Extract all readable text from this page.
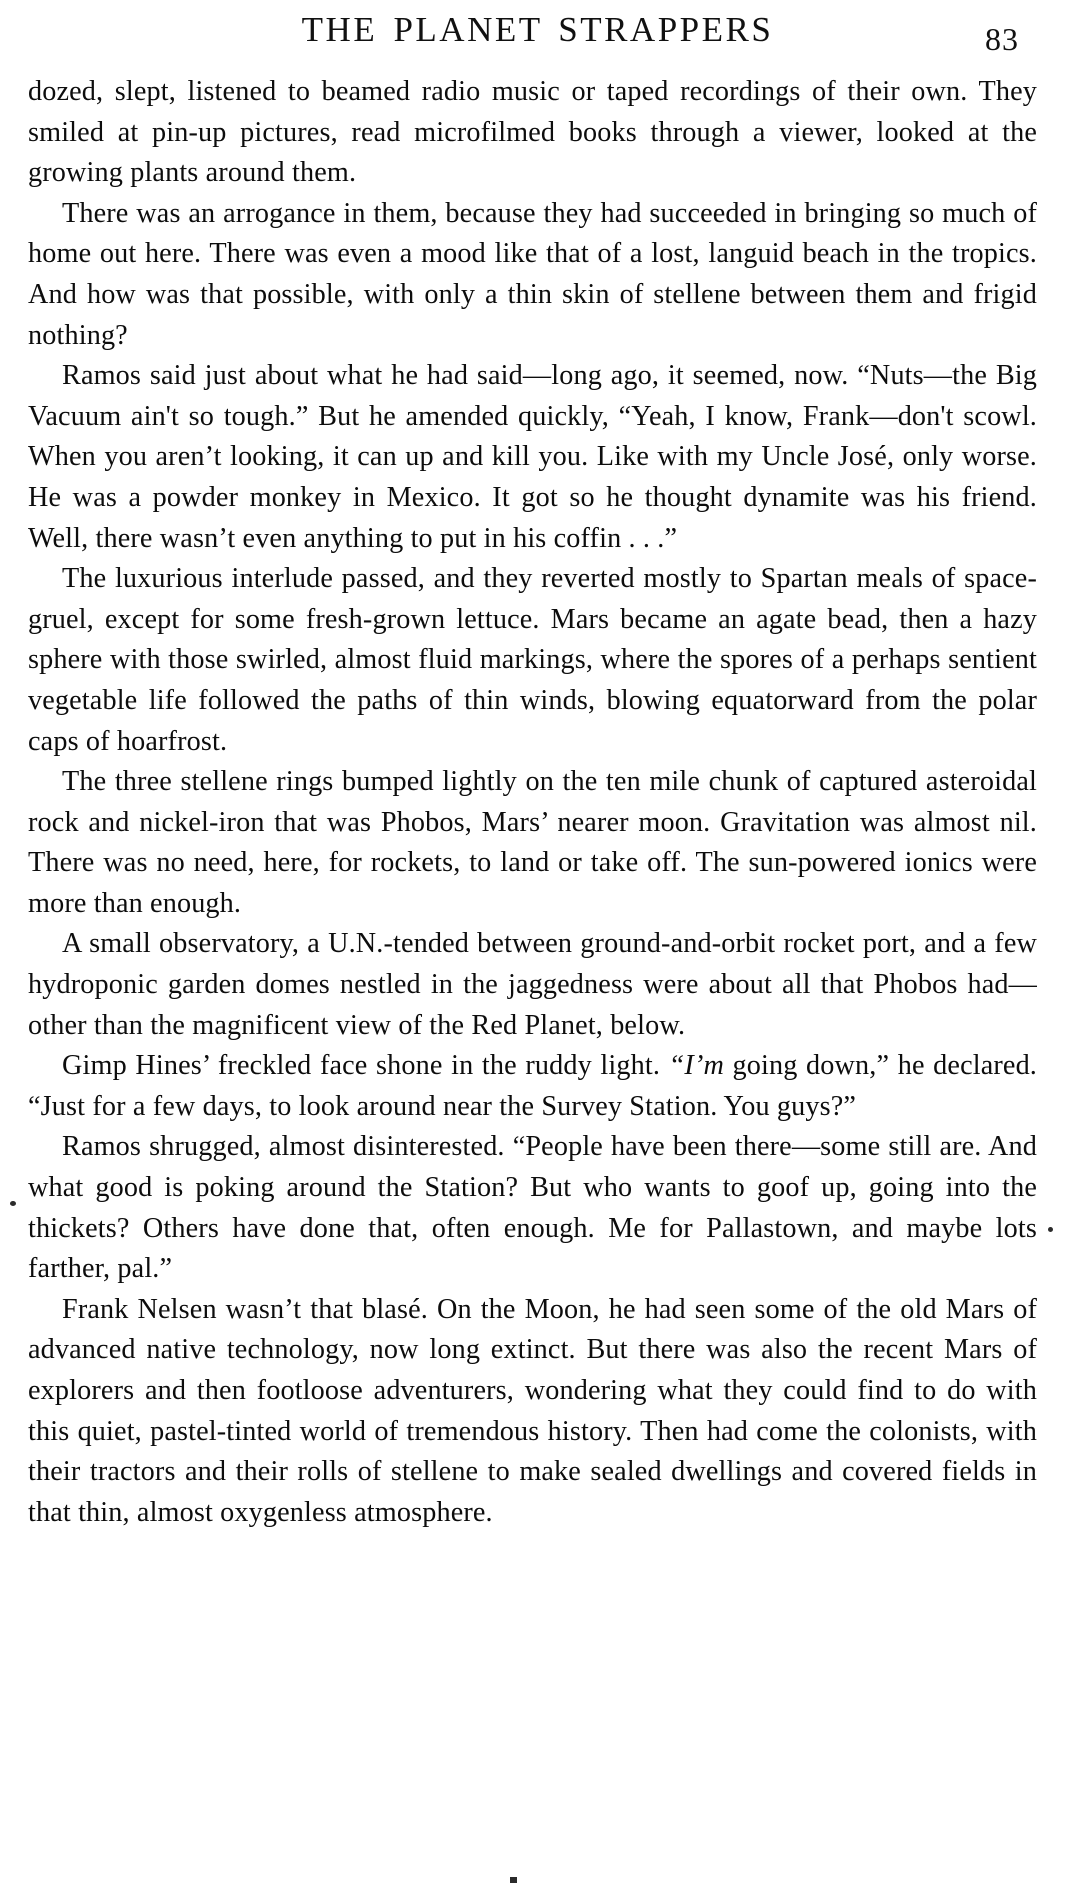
THE PLANET STRAPPERS	83

dozed, slept, listened to beamed radio music or taped recordings of their own. They smiled at pin-up pictures, read microfilmed books through a viewer, looked at the growing plants around them.

There was an arrogance in them, because they had succeeded in bringing so much of home out here. There was even a mood like that of a lost, languid beach in the tropics. And how was that possible, with only a thin skin of stellene between them and frigid nothing?

Ramos said just about what he had said—long ago, it seemed, now. “Nuts—the Big Vacuum ain't so tough.” But he amended quickly, “Yeah, I know, Frank—don't scowl. When you aren’t looking, it can up and kill you. Like with my Uncle José, only worse. He was a powder monkey in Mexico. It got so he thought dynamite was his friend. Well, there wasn’t even anything to put in his coffin . . .”

The luxurious interlude passed, and they reverted mostly to Spartan meals of space-gruel, except for some fresh-grown lettuce. Mars became an agate bead, then a hazy sphere with those swirled, almost fluid markings, where the spores of a perhaps sentient vegetable life followed the paths of thin winds, blowing equatorward from the polar caps of hoarfrost.

The three stellene rings bumped lightly on the ten mile chunk of captured asteroidal rock and nickel-iron that was Phobos, Mars’ nearer moon. Gravitation was almost nil. There was no need, here, for rockets, to land or take off. The sun-powered ionics were more than enough.

A small observatory, a U.N.-tended between ground-and-orbit rocket port, and a few hydroponic garden domes nestled in the jaggedness were about all that Phobos had—other than the magnificent view of the Red Planet, below.

Gimp Hines’ freckled face shone in the ruddy light. “I’m going down,” he declared. “Just for a few days, to look around near the Survey Station. You guys?”

Ramos shrugged, almost disinterested. “People have been there—some still are. And what good is poking around the Station? But who wants to goof up, going into the thickets? Others have done that, often enough. Me for Pallastown, and maybe lots farther, pal.”

Frank Nelsen wasn’t that blasé. On the Moon, he had seen some of the old Mars of advanced native technology, now long extinct. But there was also the recent Mars of explorers and then footloose adventurers, wondering what they could find to do with this quiet, pastel-tinted world of tremendous history. Then had come the colonists, with their tractors and their rolls of stellene to make sealed dwellings and covered fields in that thin, almost oxygenless atmosphere.
